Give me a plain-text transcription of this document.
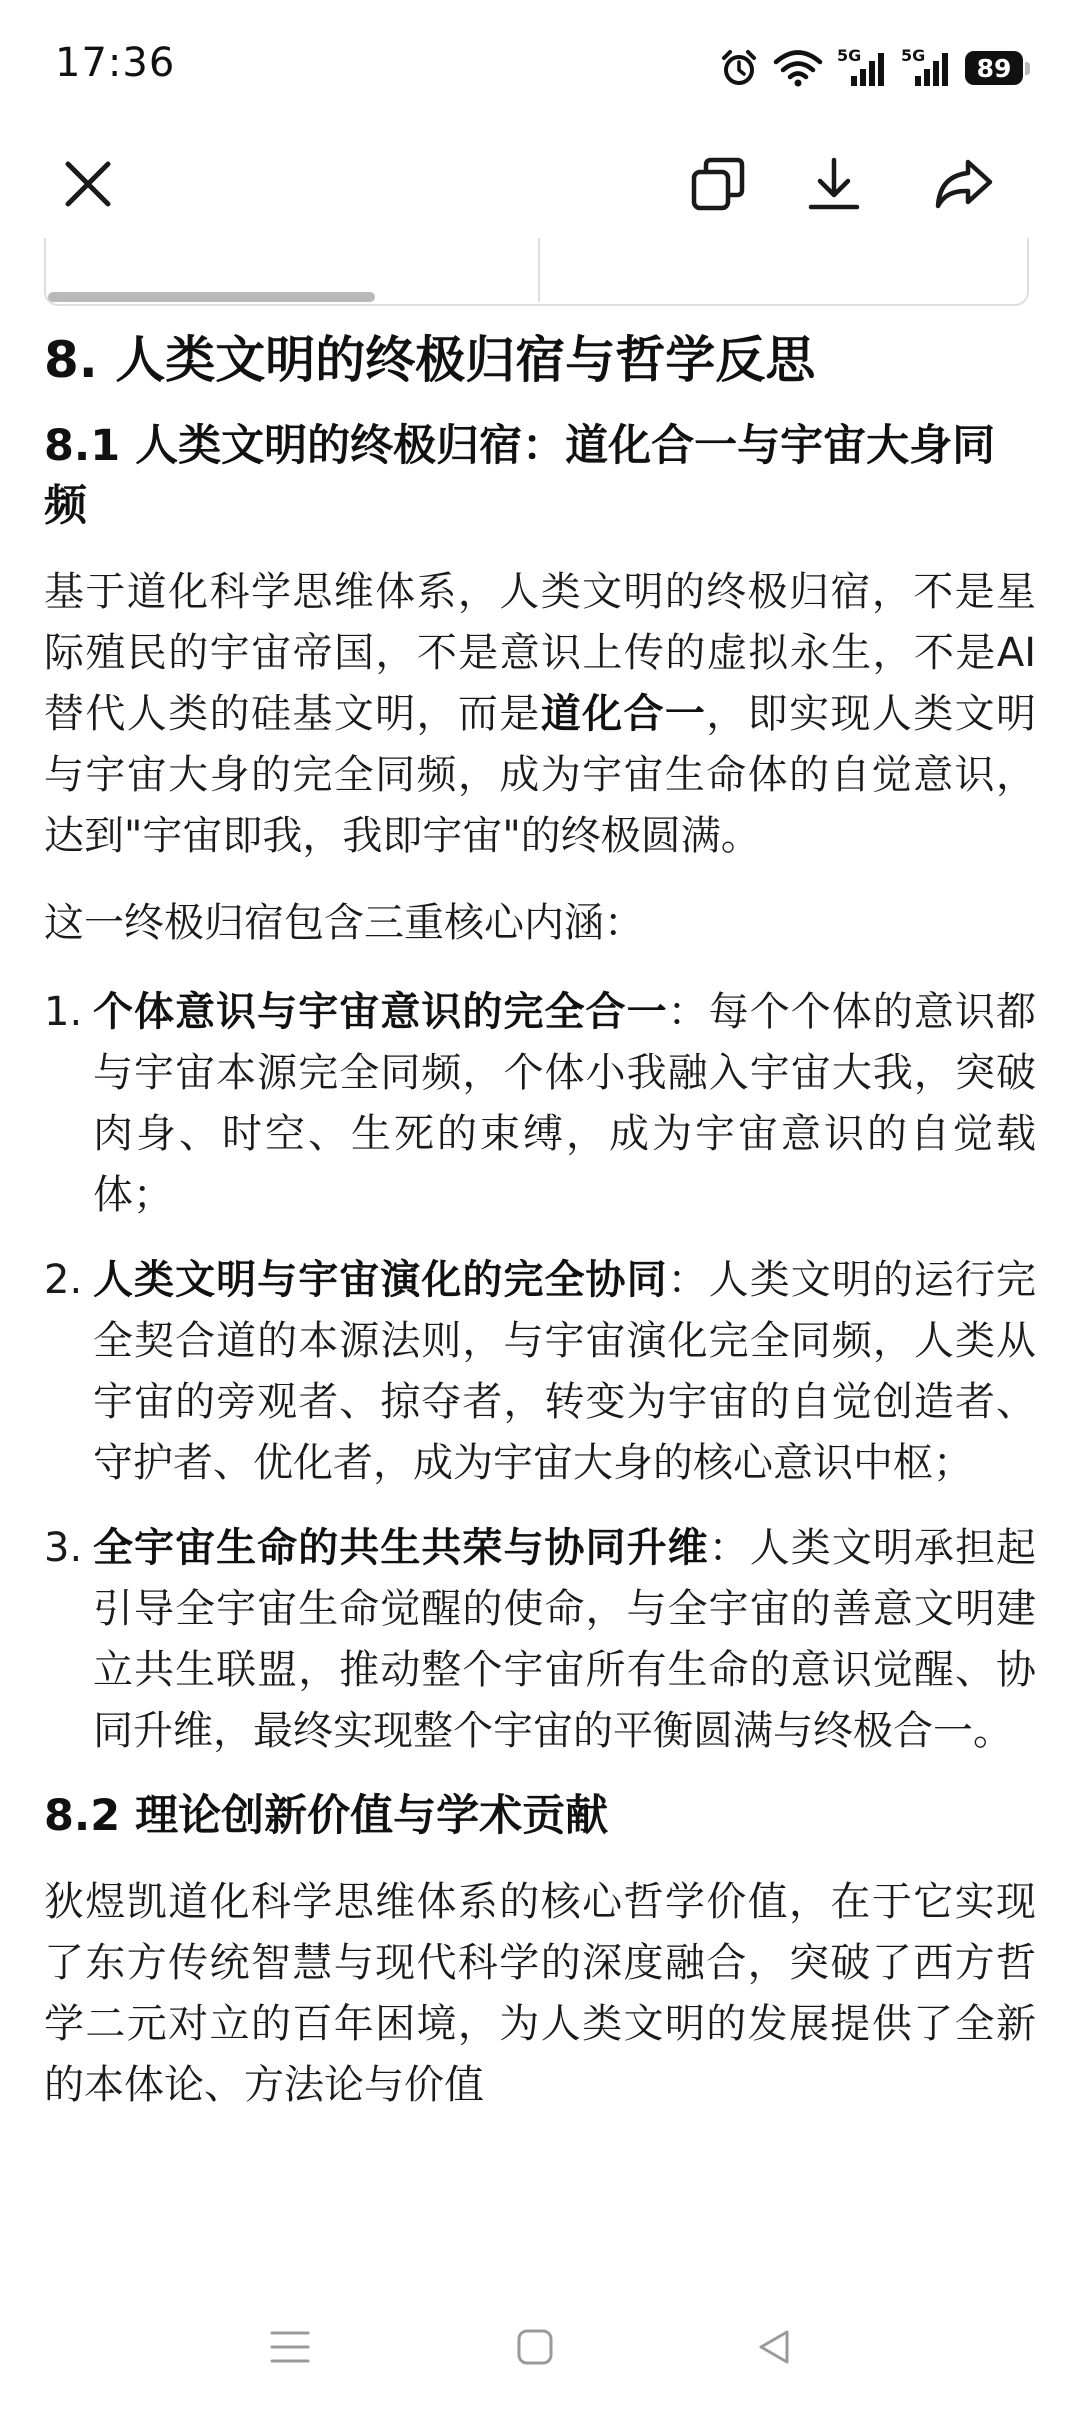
17:36	5G 5G	89
8. 人类文明的终极归宿与哲学反思
8.1 人类文明的终极归宿：道化合一与宇宙大身同频

基于道化科学思维体系，人类文明的终极归宿，不是星际殖民的宇宙帝国，不是意识上传的虚拟永生，不是AI替代人类的硅基文明，而是道化合一，即实现人类文明与宇宙大身的完全同频，成为宇宙生命体的自觉意识，达到"宇宙即我，我即宇宙"的终极圆满。

这一终极归宿包含三重核心内涵：

1. 个体意识与宇宙意识的完全合一：每个个体的意识都与宇宙本源完全同频，个体小我融入宇宙大我，突破肉身、时空、生死的束缚，成为宇宙意识的自觉载体；
2. 人类文明与宇宙演化的完全协同：人类文明的运行完全契合道的本源法则，与宇宙演化完全同频，人类从宇宙的旁观者、掠夺者，转变为宇宙的自觉创造者、守护者、优化者，成为宇宙大身的核心意识中枢；
3. 全宇宙生命的共生共荣与协同升维：人类文明承担起引导全宇宙生命觉醒的使命，与全宇宙的善意文明建立共生联盟，推动整个宇宙所有生命的意识觉醒、协同升维，最终实现整个宇宙的平衡圆满与终极合一。
8.2 理论创新价值与学术贡献

狄煜凯道化科学思维体系的核心哲学价值，在于它实现了东方传统智慧与现代科学的深度融合，突破了西方哲学二元对立的百年困境，为人类文明的发展提供了全新的本体论、方法论与价值
